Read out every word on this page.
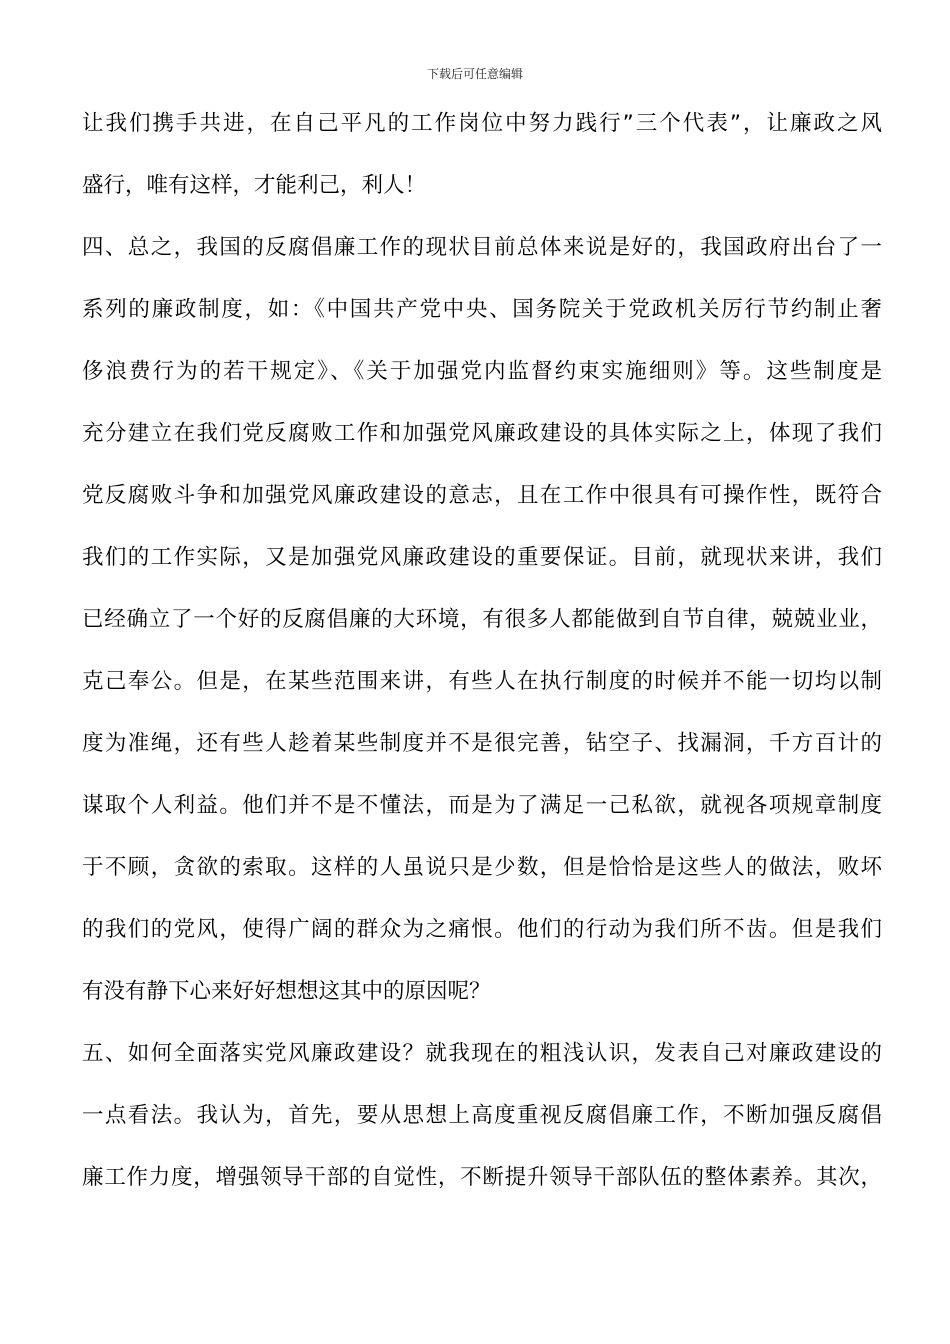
下载后可任意编辑
让我们携手共进，在自己平凡的工作岗位中努力践行”三个代表”，让廉政之风
盛行，唯有这样，才能利己，利人！
四、总之，我国的反腐倡廉工作的现状目前总体来说是好的，我国政府出台了一
系列的廉政制度，如：《中国共产党中央、国务院关于党政机关厉行节约制止奢
侈浪费行为的若干规定》、《关于加强党内监督约束实施细则》等。这些制度是
充分建立在我们党反腐败工作和加强党风廉政建设的具体实际之上，体现了我们
党反腐败斗争和加强党风廉政建设的意志，且在工作中很具有可操作性，既符合
我们的工作实际，又是加强党风廉政建设的重要保证。目前，就现状来讲，我们
已经确立了一个好的反腐倡廉的大环境，有很多人都能做到自节自律，兢兢业业，
克己奉公。但是，在某些范围来讲，有些人在执行制度的时候并不能一切均以制
度为准绳，还有些人趁着某些制度并不是很完善，钻空子、找漏洞，千方百计的
谋取个人利益。他们并不是不懂法，而是为了满足一己私欲，就视各项规章制度
于不顾，贪欲的索取。这样的人虽说只是少数，但是恰恰是这些人的做法，败坏
的我们的党风，使得广阔的群众为之痛恨。他们的行动为我们所不齿。但是我们
有没有静下心来好好想想这其中的原因呢？
五、如何全面落实党风廉政建设？就我现在的粗浅认识，发表自己对廉政建设的
一点看法。我认为，首先，要从思想上高度重视反腐倡廉工作，不断加强反腐倡
廉工作力度，增强领导干部的自觉性，不断提升领导干部队伍的整体素养。其次，
